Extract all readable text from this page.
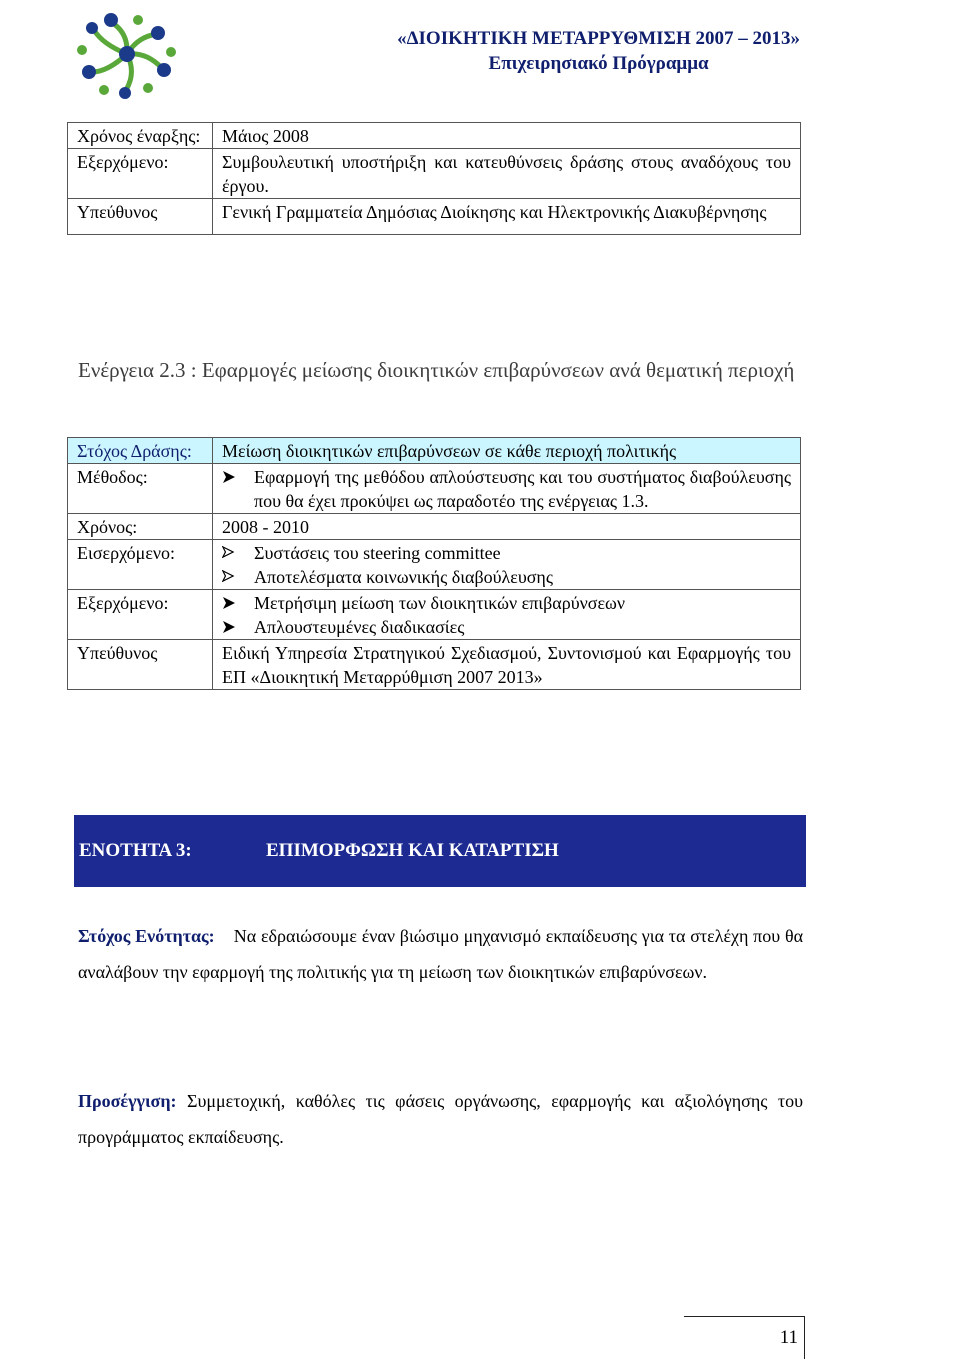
«ΔΙΟΙΚΗΤΙΚΗ ΜΕΤΑΡΡΥΘΜΙΣΗ 2007 – 2013»
Επιχειρησιακό Πρόγραμμα
Χρόνος έναρξης:	Μάιος 2008
Εξερχόμενο:	Συμβουλευτική υποστήριξη και κατευθύνσεις δράσης στους αναδόχους του έργου.
Υπεύθυνος	Γενική Γραμματεία Δημόσιας Διοίκησης και Ηλεκτρονικής Διακυβέρνησης
Ενέργεια 2.3 : Εφαρμογές μείωσης διοικητικών επιβαρύνσεων ανά θεματική περιοχή
Στόχος Δράσης:	Μείωση διοικητικών επιβαρύνσεων σε κάθε περιοχή πολιτικής
Μέθοδος:	Εφαρμογή της μεθόδου απλούστευσης και του συστήματος διαβούλευσης που θα έχει προκύψει ως παραδοτέο της ενέργειας 1.3.

Χρόνος:	2008 - 2010
Εισερχόμενο:	Συστάσεις του steering committee
Αποτελέσματα κοινωνικής διαβούλευσης

Εξερχόμενο:	Μετρήσιμη μείωση των διοικητικών επιβαρύνσεων
Απλουστευμένες διαδικασίες

Υπεύθυνος	Ειδική Υπηρεσία Στρατηγικού Σχεδιασμού, Συντονισμού και Εφαρμογής του ΕΠ «Διοικητική Μεταρρύθμιση 2007 2013»
ΕΝΟΤΗΤΑ 3:	ΕΠΙΜΟΡΦΩΣΗ ΚΑΙ ΚΑΤΑΡΤΙΣΗ
Στόχος Ενότητας: Να εδραιώσουμε έναν βιώσιμο μηχανισμό εκπαίδευσης για τα στελέχη που θα αναλάβουν την εφαρμογή της πολιτικής για τη μείωση των διοικητικών επιβαρύνσεων.
Προσέγγιση: Συμμετοχική, καθόλες τις φάσεις οργάνωσης, εφαρμογής και αξιολόγησης του προγράμματος εκπαίδευσης.
11
